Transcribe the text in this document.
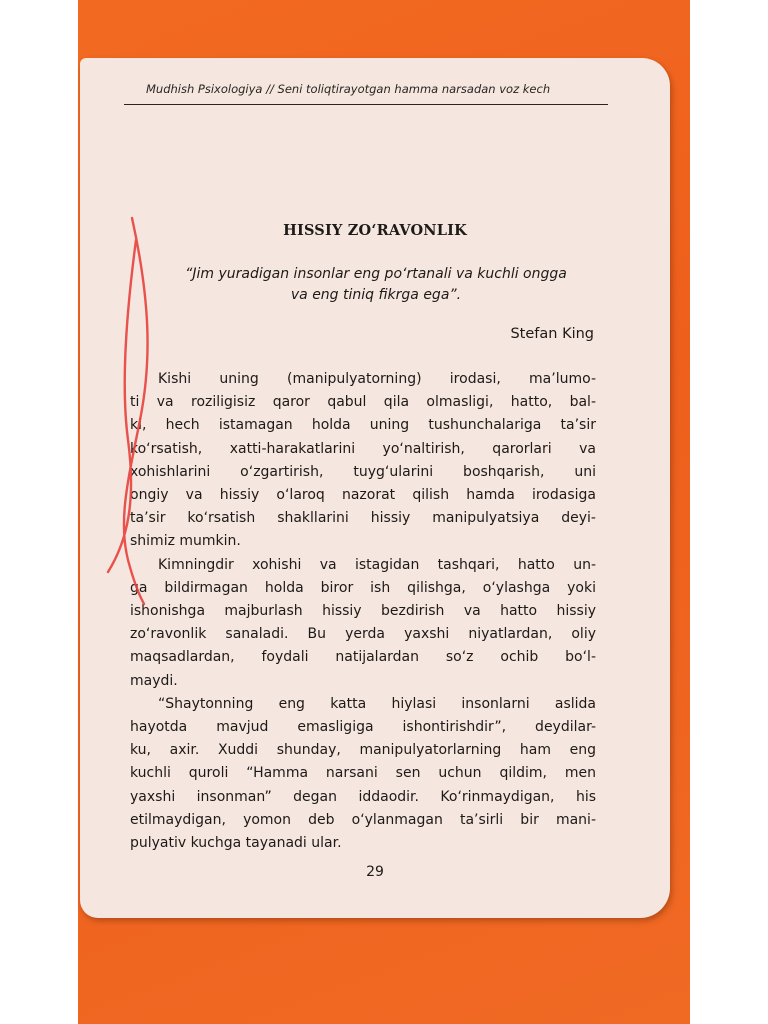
Mudhish Psixologiya // Seni toliqtirayotgan hamma narsadan voz kech
HISSIY ZO‘RAVONLIK
“Jim yuradigan insonlar eng po‘rtanali va kuchli ongga
va eng tiniq fikrga ega”.
Stefan King
Kishi uning (manipulyatorning) irodasi, ma’lumo-
ti va roziligisiz qaror qabul qila olmasligi, hatto, bal-
ki, hech istamagan holda uning tushunchalariga ta’sir
ko‘rsatish, xatti-harakatlarini yo‘naltirish, qarorlari va
xohishlarini o‘zgartirish, tuyg‘ularini boshqarish, uni
ongiy va hissiy o‘laroq nazorat qilish hamda irodasiga
ta’sir ko‘rsatish shakllarini hissiy manipulyatsiya deyi-
shimiz mumkin.
Kimningdir xohishi va istagidan tashqari, hatto un-
ga bildirmagan holda biror ish qilishga, o‘ylashga yoki
ishonishga majburlash hissiy bezdirish va hatto hissiy
zo‘ravonlik sanaladi. Bu yerda yaxshi niyatlardan, oliy
maqsadlardan, foydali natijalardan so‘z ochib bo‘l-
maydi.
“Shaytonning eng katta hiylasi insonlarni aslida
hayotda mavjud emasligiga ishontirishdir”, deydilar-
ku, axir. Xuddi shunday, manipulyatorlarning ham eng
kuchli quroli “Hamma narsani sen uchun qildim, men
yaxshi insonman” degan iddaodir. Ko‘rinmaydigan, his
etilmaydigan, yomon deb o‘ylanmagan ta’sirli bir mani-
pulyativ kuchga tayanadi ular.
29
